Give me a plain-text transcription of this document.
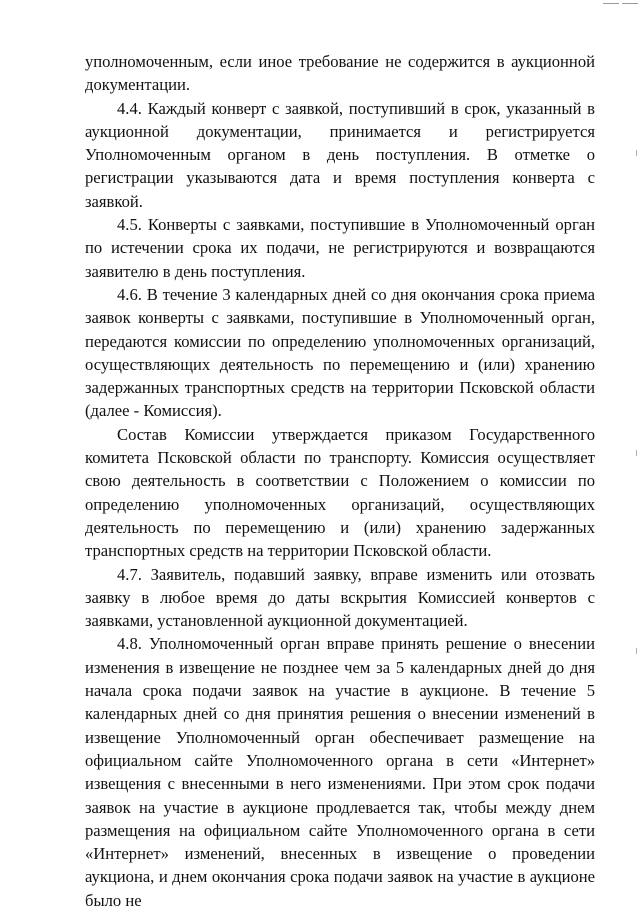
уполномоченным, если иное требование не содержится в аукционной документации.

4.4. Каждый конверт с заявкой, поступивший в срок, указанный в аукционной документации, принимается и регистрируется Уполномоченным органом в день поступления. В отметке о регистрации указываются дата и время поступления конверта с заявкой.

4.5. Конверты с заявками, поступившие в Уполномоченный орган по истечении срока их подачи, не регистрируются и возвращаются заявителю в день поступления.

4.6. В течение 3 календарных дней со дня окончания срока приема заявок конверты с заявками, поступившие в Уполномоченный орган, передаются комиссии по определению уполномоченных организаций, осуществляющих деятельность по перемещению и (или) хранению задержанных транспортных средств на территории Псковской области (далее - Комиссия).

Состав Комиссии утверждается приказом Государственного комитета Псковской области по транспорту. Комиссия осуществляет свою деятельность в соответствии с Положением о комиссии по определению уполномоченных организаций, осуществляющих деятельность по перемещению и (или) хранению задержанных транспортных средств на территории Псковской области.

4.7. Заявитель, подавший заявку, вправе изменить или отозвать заявку в любое время до даты вскрытия Комиссией конвертов с заявками, установленной аукционной документацией.

4.8. Уполномоченный орган вправе принять решение о внесении изменения в извещение не позднее чем за 5 календарных дней до дня начала срока подачи заявок на участие в аукционе. В течение 5 календарных дней со дня принятия решения о внесении изменений в извещение Уполномоченный орган обеспечивает размещение на официальном сайте Уполномоченного органа в сети «Интернет» извещения с внесенными в него изменениями. При этом срок подачи заявок на участие в аукционе продлевается так, чтобы между днем размещения на официальном сайте Уполномоченного органа в сети «Интернет» изменений, внесенных в извещение о проведении аукциона, и днем окончания срока подачи заявок на участие в аукционе было не
